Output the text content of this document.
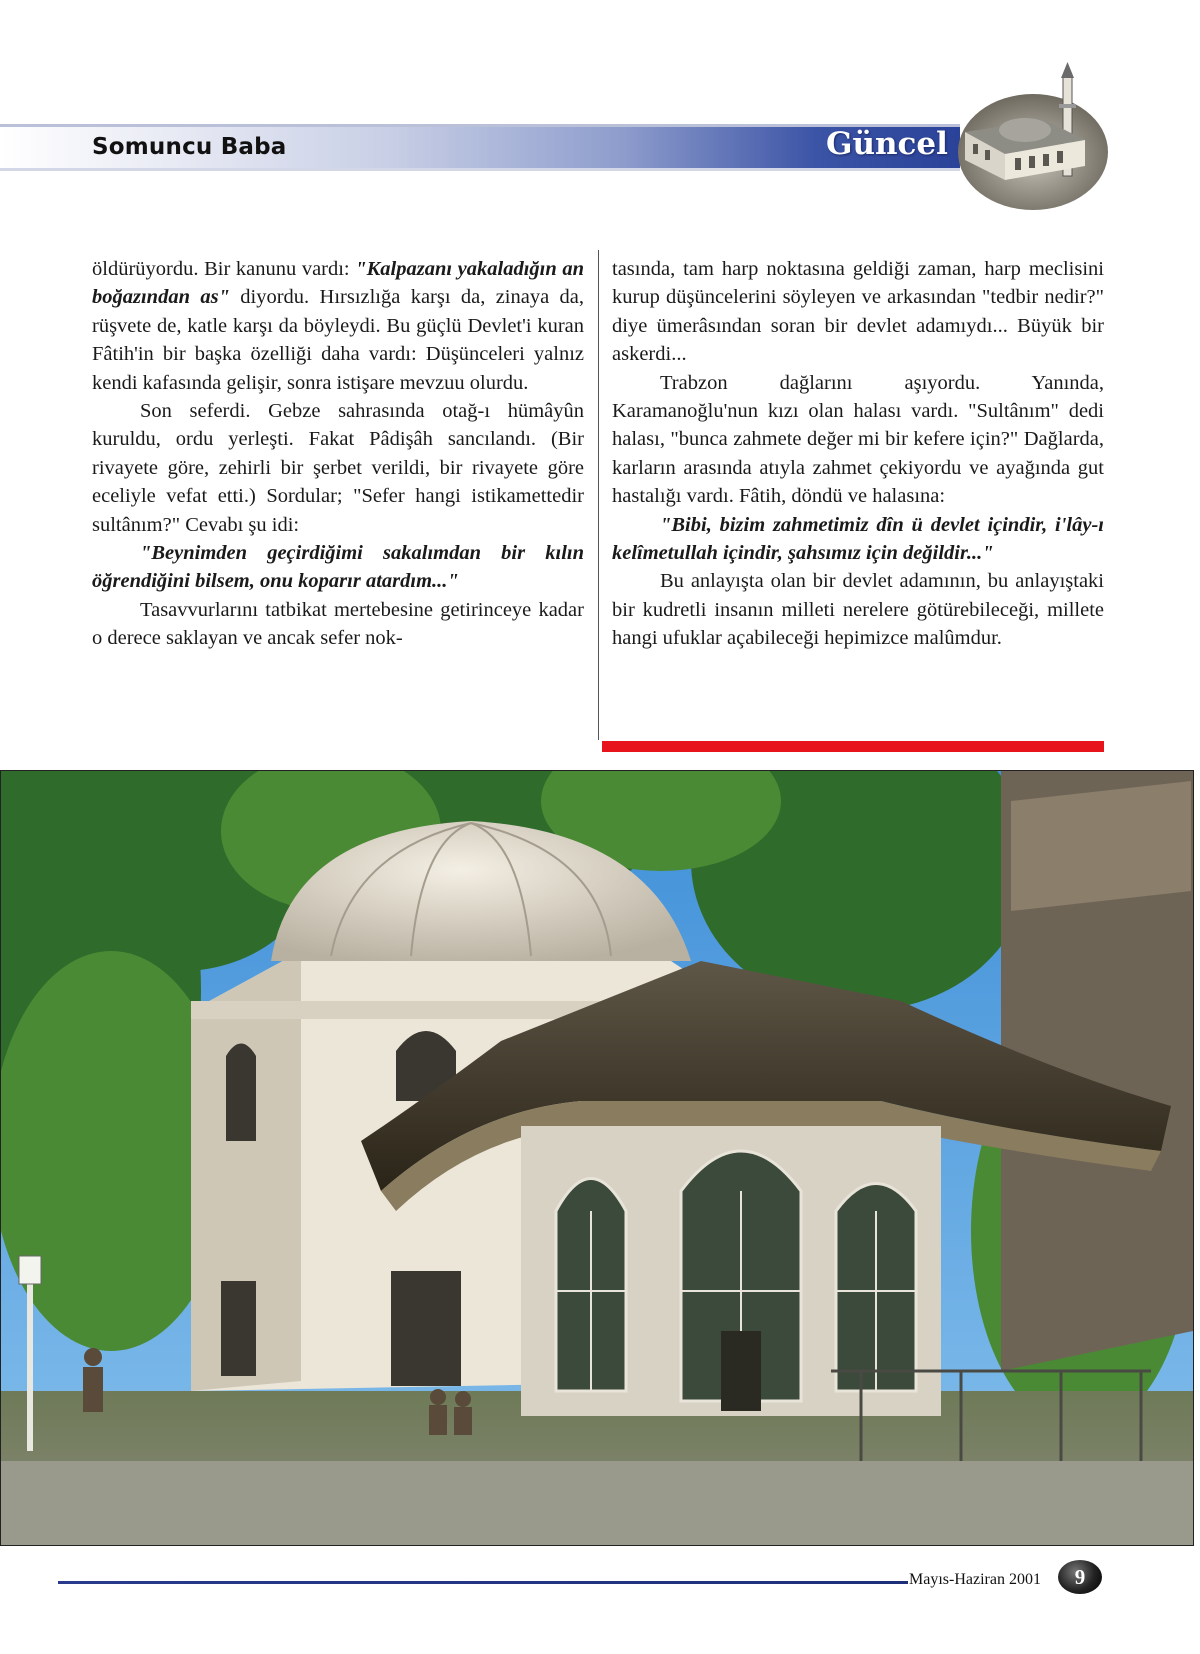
Somuncu Baba	Güncel

öldürüyordu. Bir kanunu vardı: "Kalpazanı yakaladığın an boğazından as" diyordu. Hırsızlığa karşı da, zinaya da, rüşvete de, katle karşı da böyleydi. Bu güçlü Devlet'i kuran Fâtih'in bir başka özelliği daha vardı: Düşünceleri yalnız kendi kafasında gelişir, sonra istişare mevzuu olurdu.

Son seferdi. Gebze sahrasında otağ-ı hümâyûn kuruldu, ordu yerleşti. Fakat Pâdişâh sancılandı. (Bir rivayete göre, zehirli bir şerbet verildi, bir rivayete göre eceliyle vefat etti.) Sordular; "Sefer hangi istikamettedir sultânım?" Cevabı şu idi:

"Beynimden geçirdiğimi sakalımdan bir kılın öğrendiğini bilsem, onu koparır atardım..."

Tasavvurlarını tatbikat mertebesine getirinceye kadar o derece saklayan ve ancak sefer nok-

tasında, tam harp noktasına geldiği zaman, harp meclisini kurup düşüncelerini söyleyen ve arkasından "tedbir nedir?" diye ümerâsından soran bir devlet adamıydı... Büyük bir askerdi...

Trabzon dağlarını aşıyordu. Yanında, Karamanoğlu'nun kızı olan halası vardı. "Sultânım" dedi halası, "bunca zahmete değer mi bir kefere için?" Dağlarda, karların arasında atıyla zahmet çekiyordu ve ayağında gut hastalığı vardı. Fâtih, döndü ve halasına:

"Bibi, bizim zahmetimiz dîn ü devlet içindir, i'lây-ı kelîmetullah içindir, şahsımız için değildir..."

Bu anlayışta olan bir devlet adamının, bu anlayıştaki bir kudretli insanın milleti nerelere götürebileceği, millete hangi ufuklar açabileceği hepimizce malûmdur.

Mayıs-Haziran 2001	9
